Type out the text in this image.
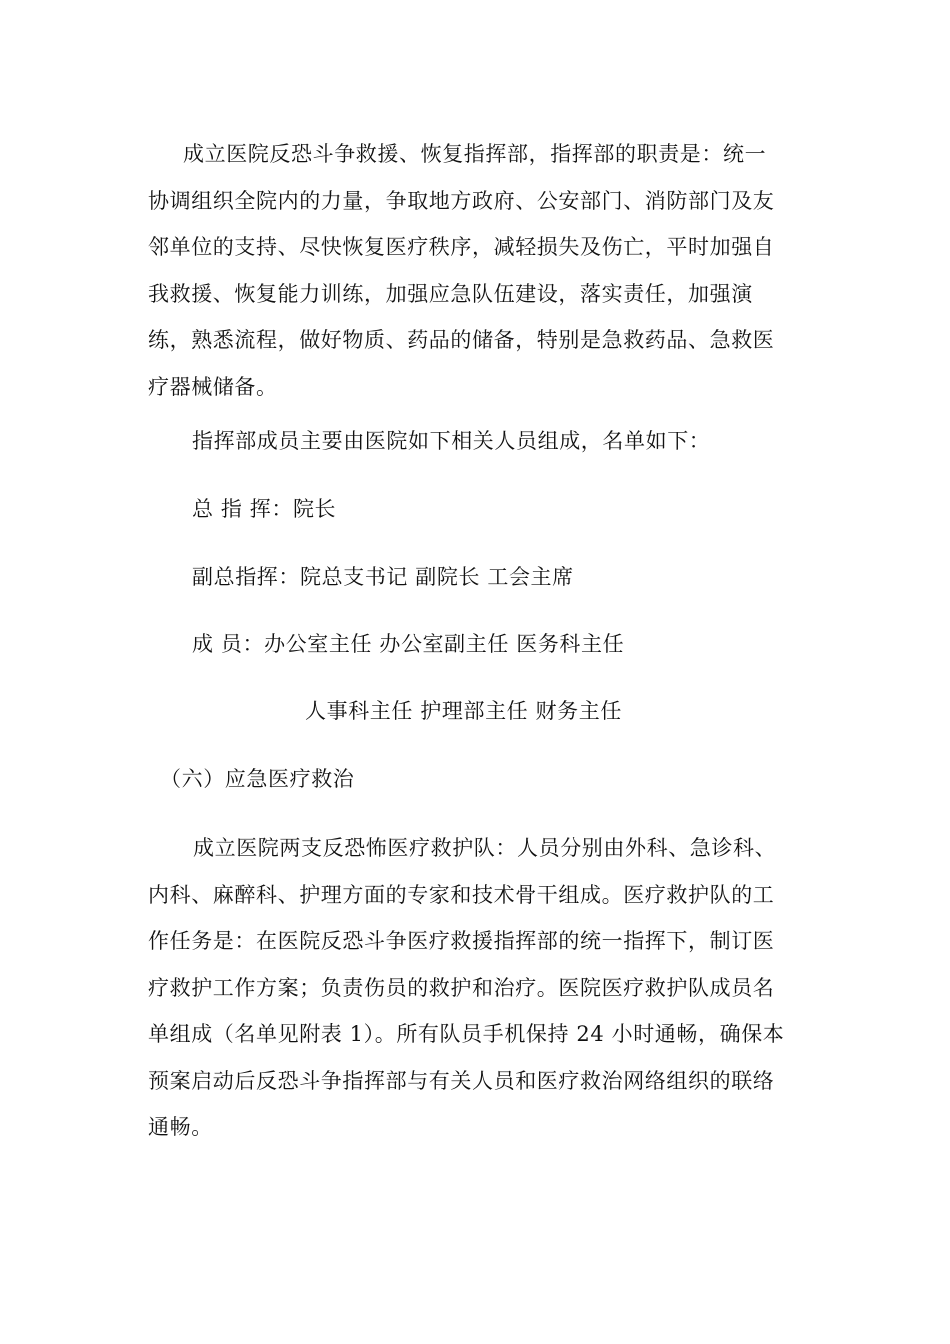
成立医院反恐斗争救援、恢复指挥部，指挥部的职责是：统一
协调组织全院内的力量，争取地方政府、公安部门、消防部门及友
邻单位的支持、尽快恢复医疗秩序，减轻损失及伤亡，平时加强自
我救援、恢复能力训练，加强应急队伍建设，落实责任，加强演
练，熟悉流程，做好物质、药品的储备，特别是急救药品、急救医
疗器械储备。

指挥部成员主要由医院如下相关人员组成，名单如下：

总 指 挥：院长

副总指挥：院总支书记 副院长 工会主席

成 员：办公室主任 办公室副主任 医务科主任

人事科主任 护理部主任 财务主任

（六）应急医疗救治

成立医院两支反恐怖医疗救护队：人员分别由外科、急诊科、
内科、麻醉科、护理方面的专家和技术骨干组成。医疗救护队的工
作任务是：在医院反恐斗争医疗救援指挥部的统一指挥下，制订医
疗救护工作方案；负责伤员的救护和治疗。医院医疗救护队成员名
单组成（名单见附表 1）。所有队员手机保持 24 小时通畅，确保本
预案启动后反恐斗争指挥部与有关人员和医疗救治网络组织的联络
通畅。
